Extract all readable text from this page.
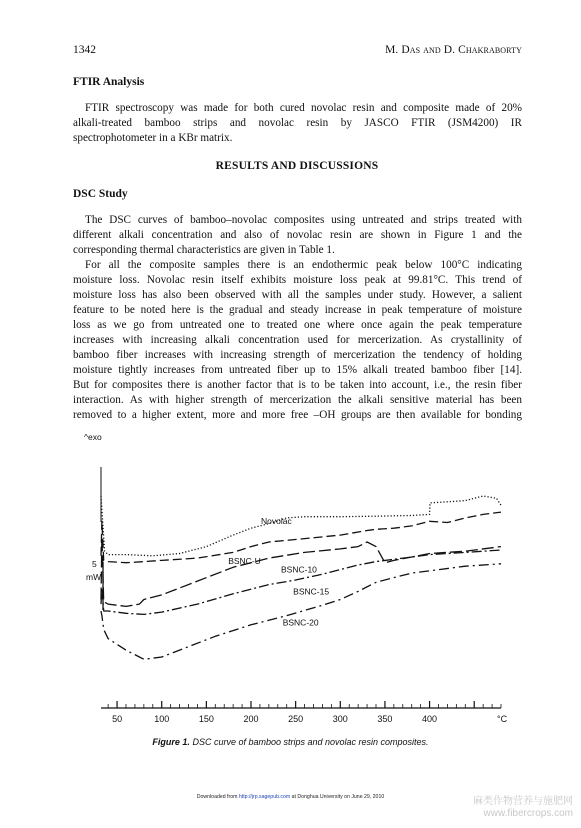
1342	M. Das and D. Chakraborty
FTIR Analysis
FTIR spectroscopy was made for both cured novolac resin and composite made of 20%
alkali-treated bamboo strips and novolac resin by JASCO FTIR (JSM4200) IR
spectrophotometer in a KBr matrix.
RESULTS AND DISCUSSIONS
DSC Study
The DSC curves of bamboo–novolac composites using untreated and strips treated with
different alkali concentration and also of novolac resin are shown in Figure 1 and the
corresponding thermal characteristics are given in Table 1.
For all the composite samples there is an endothermic peak below 100°C indicating
moisture loss. Novolac resin itself exhibits moisture loss peak at 99.81°C. This trend of
moisture loss has also been observed with all the samples under study. However, a salient
feature to be noted here is the gradual and steady increase in peak temperature of moisture
loss as we go from untreated one to treated one where once again the peak temperature
increases with increasing alkali concentration used for mercerization. As crystallinity of
bamboo fiber increases with increasing strength of mercerization the tendency of holding
moisture tightly increases from untreated fiber up to 15% alkali treated bamboo fiber [14].
But for composites there is another factor that is to be taken into account, i.e., the resin fiber
interaction. As with higher strength of mercerization the alkali sensitive material has been
removed to a higher extent, more and more free –OH groups are then available for bonding
^exo
5
mW
°C
50	100	150	200	250	300	350	400
Novolac
BSNC-U
BSNC-10
BSNC-15
BSNC-20
Figure 1. DSC curve of bamboo strips and novolac resin composites.
Downloaded from http://jrp.sagepub.com at Donghua University on June 29, 2010	麻类作物营养与施肥网
www.fibercrops.com
